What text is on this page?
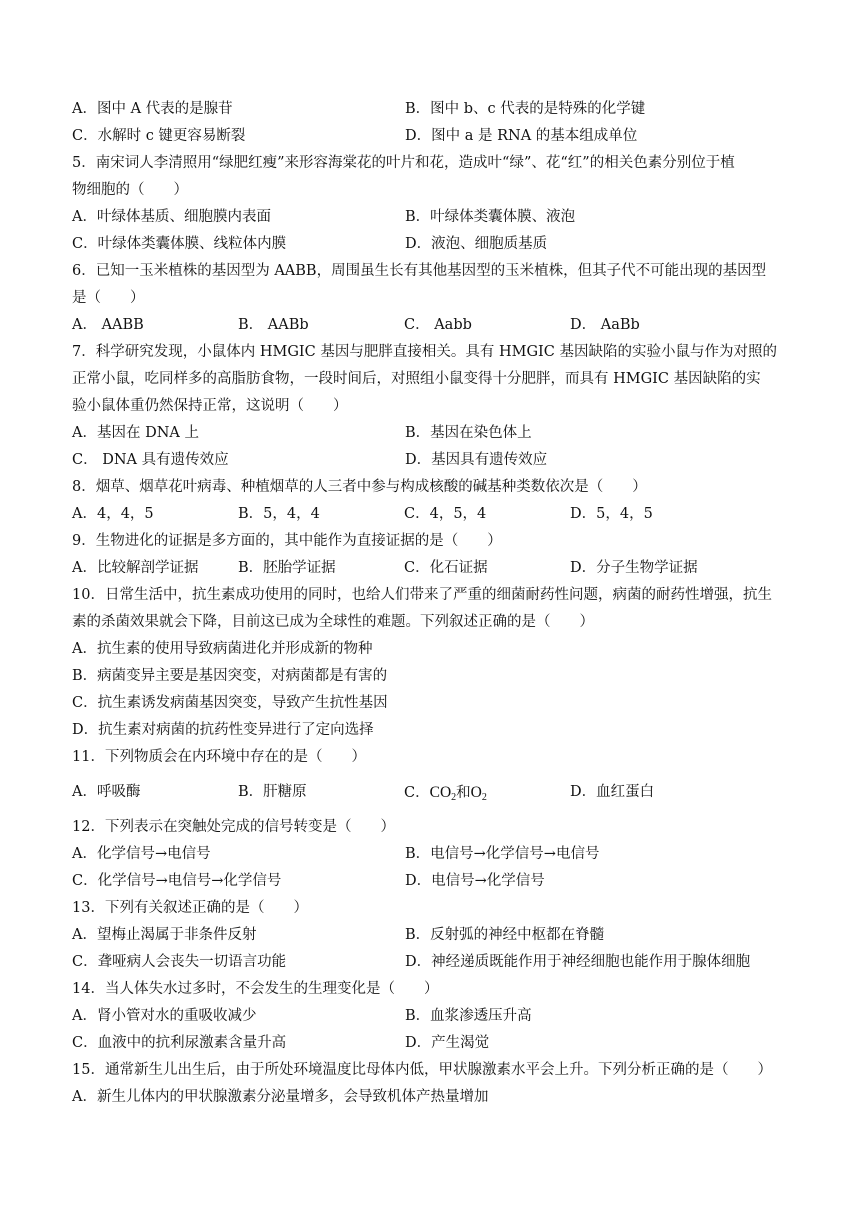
A．图中 A 代表的是腺苷	B．图中 b、c 代表的是特殊的化学键
C．水解时 c 键更容易断裂	D．图中 a 是 RNA 的基本组成单位
5．南宋词人李清照用“绿肥红瘦”来形容海棠花的叶片和花，造成叶“绿”、花“红”的相关色素分别位于植
物细胞的（　　）
A．叶绿体基质、细胞膜内表面	B．叶绿体类囊体膜、液泡
C．叶绿体类囊体膜、线粒体内膜	D．液泡、细胞质基质
6．已知一玉米植株的基因型为 AABB，周围虽生长有其他基因型的玉米植株，但其子代不可能出现的基因型
是（　　）
A． AABB	B． AABb	C． Aabb	D． AaBb
7．科学研究发现，小鼠体内 HMGIC 基因与肥胖直接相关。具有 HMGIC 基因缺陷的实验小鼠与作为对照的
正常小鼠，吃同样多的高脂肪食物，一段时间后，对照组小鼠变得十分肥胖，而具有 HMGIC 基因缺陷的实
验小鼠体重仍然保持正常，这说明（　　）
A．基因在 DNA 上	B．基因在染色体上
C． DNA 具有遗传效应	D．基因具有遗传效应
8．烟草、烟草花叶病毒、种植烟草的人三者中参与构成核酸的碱基种类数依次是（　　）
A．4，4，5	B．5，4，4	C．4，5，4	D．5，4，5
9．生物进化的证据是多方面的，其中能作为直接证据的是（　　）
A．比较解剖学证据	B．胚胎学证据	C．化石证据	D．分子生物学证据
10．日常生活中，抗生素成功使用的同时，也给人们带来了严重的细菌耐药性问题，病菌的耐药性增强，抗生
素的杀菌效果就会下降，目前这已成为全球性的难题。下列叙述正确的是（　　）
A．抗生素的使用导致病菌进化并形成新的物种
B．病菌变异主要是基因突变，对病菌都是有害的
C．抗生素诱发病菌基因突变，导致产生抗性基因
D．抗生素对病菌的抗药性变异进行了定向选择
11．下列物质会在内环境中存在的是（　　）
A．呼吸酶	B．肝糖原	C．$CO_2$和$O_2$	D．血红蛋白
12．下列表示在突触处完成的信号转变是（　　）
A．化学信号→电信号	B．电信号→化学信号→电信号
C．化学信号→电信号→化学信号	D．电信号→化学信号
13．下列有关叙述正确的是（　　）
A．望梅止渴属于非条件反射	B．反射弧的神经中枢都在脊髓
C．聋哑病人会丧失一切语言功能	D．神经递质既能作用于神经细胞也能作用于腺体细胞
14．当人体失水过多时，不会发生的生理变化是（　　）
A．肾小管对水的重吸收减少	B．血浆渗透压升高
C．血液中的抗利尿激素含量升高	D．产生渴觉
15．通常新生儿出生后，由于所处环境温度比母体内低，甲状腺激素水平会上升。下列分析正确的是（　　）
A．新生儿体内的甲状腺激素分泌量增多，会导致机体产热量增加
